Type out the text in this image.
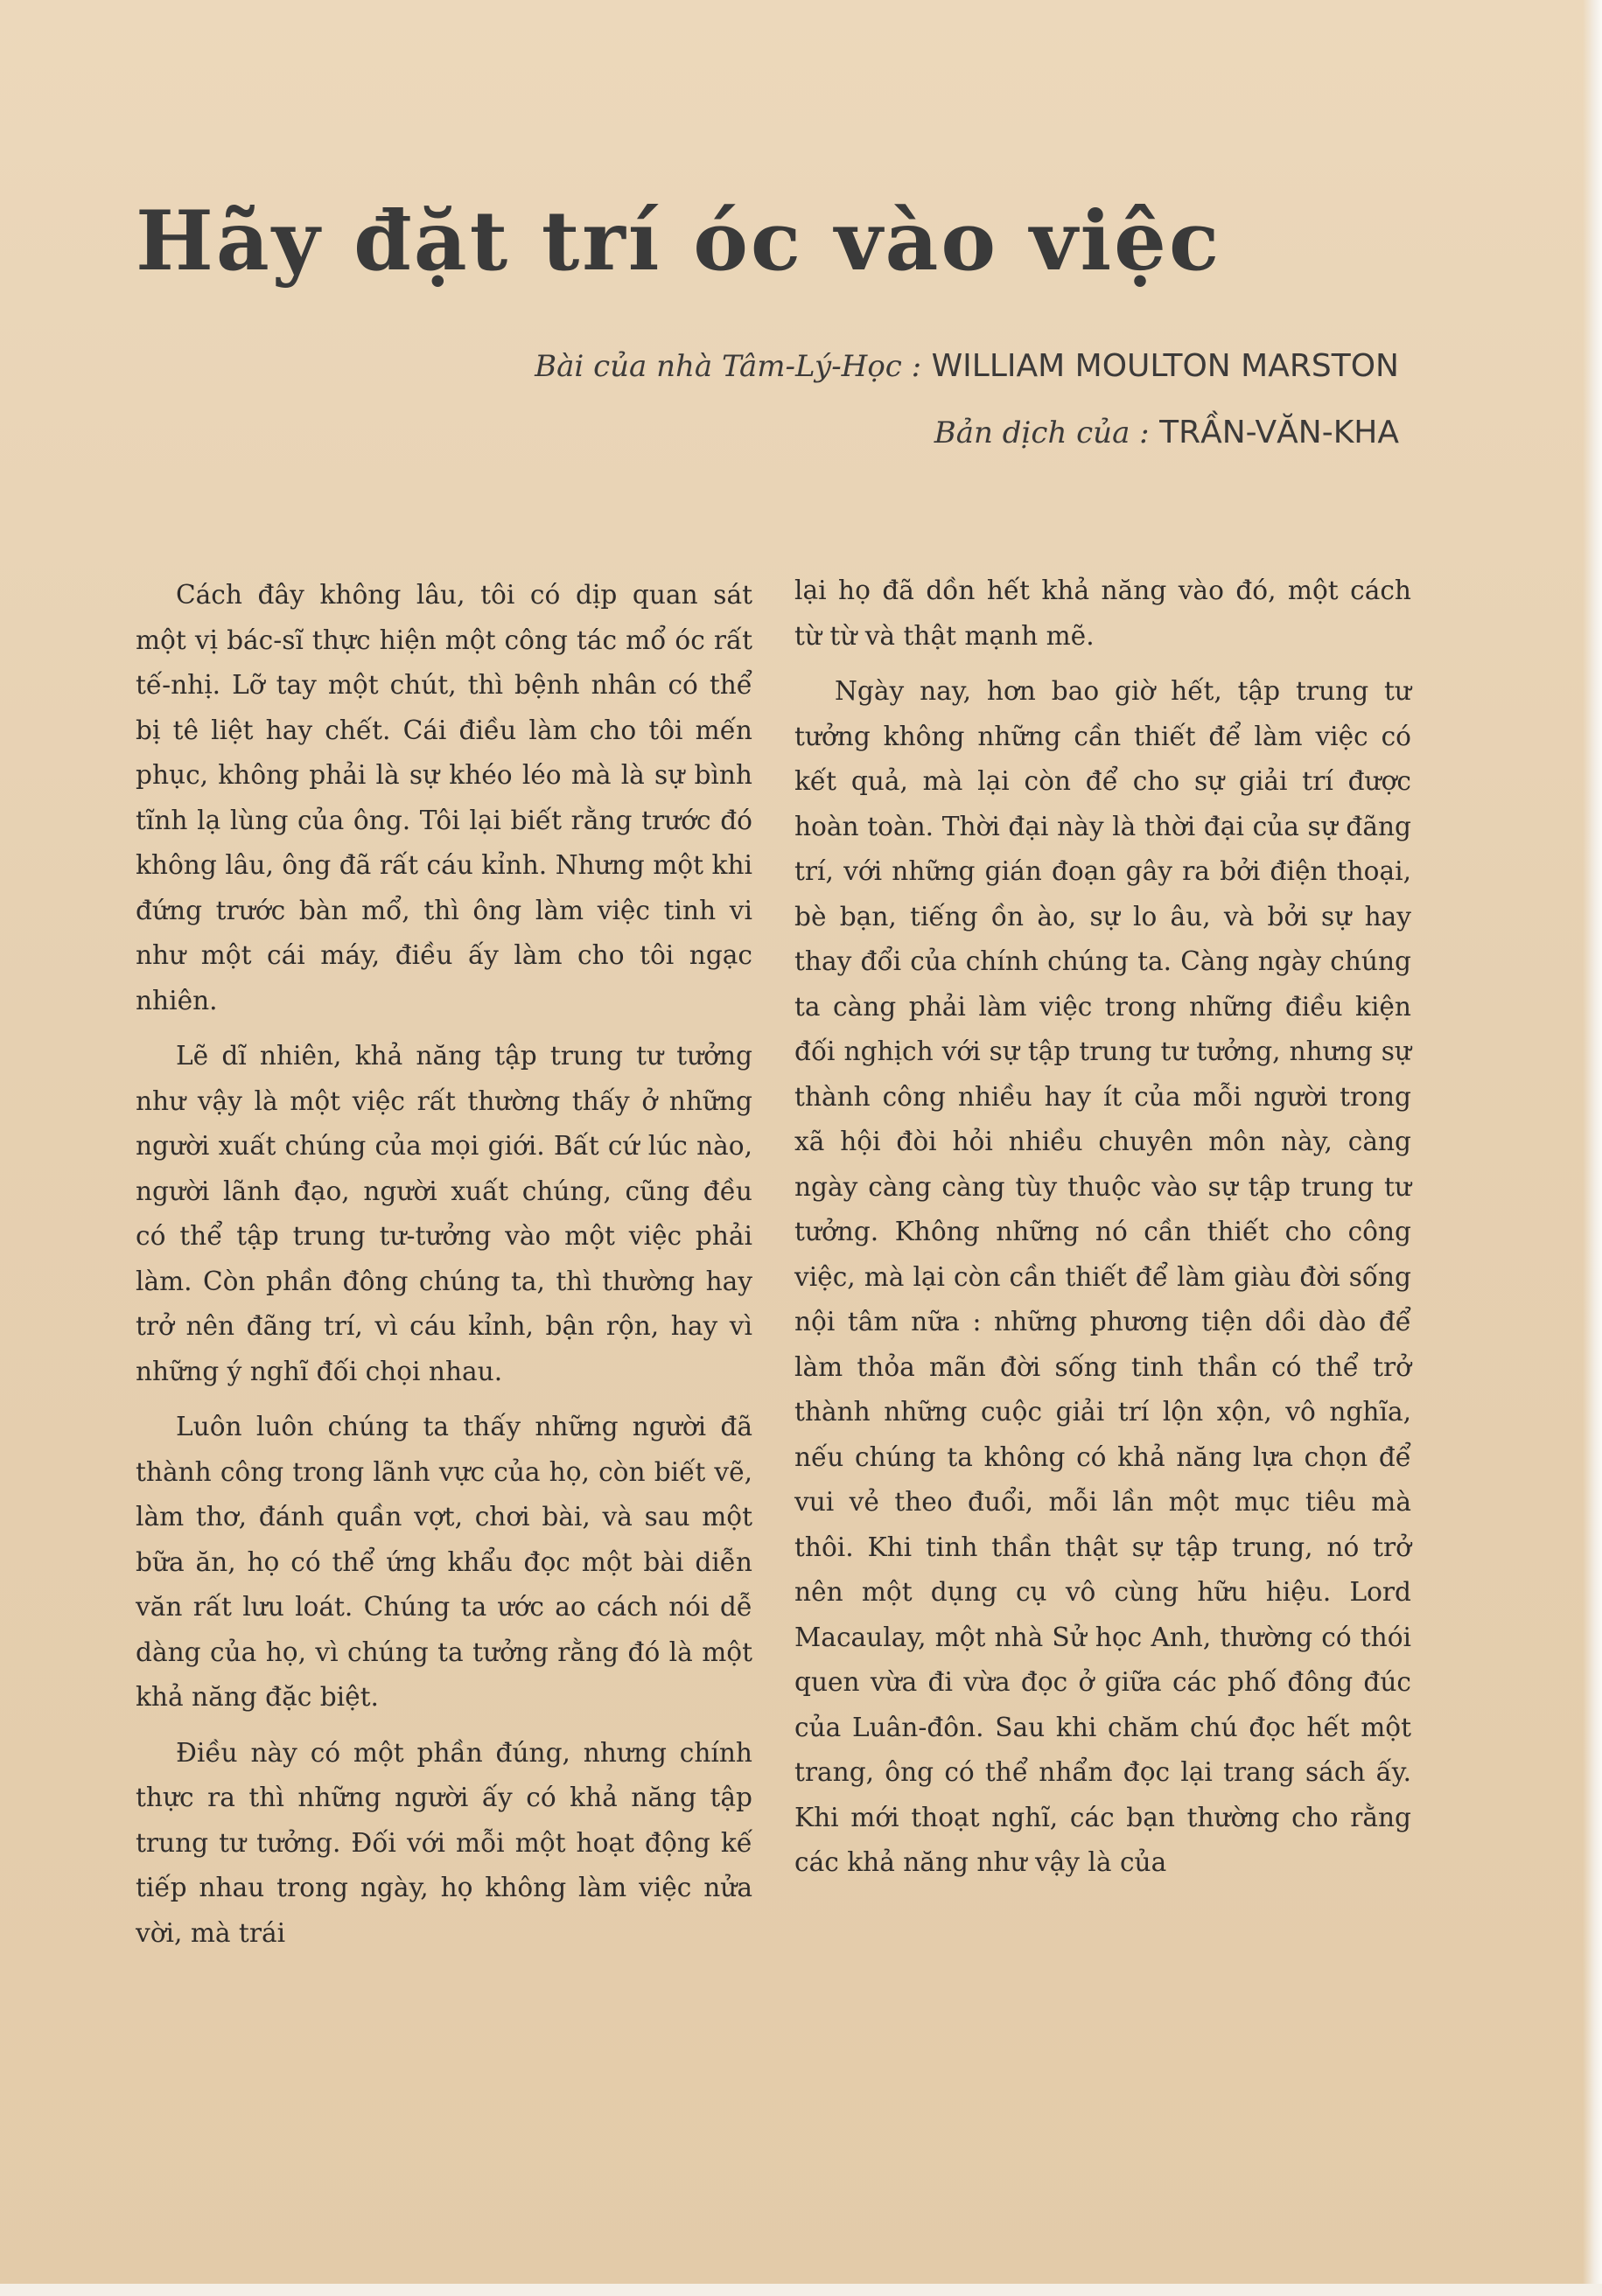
Hãy đặt trí óc vào việc
Bài của nhà Tâm-Lý-Học : WILLIAM MOULTON MARSTON
Bản dịch của : TRẦN-VĂN-KHA

Cách đây không lâu, tôi có dịp quan sát một vị bác-sĩ thực hiện một công tác mổ óc rất tế-nhị. Lỡ tay một chút, thì bệnh nhân có thể bị tê liệt hay chết. Cái điều làm cho tôi mến phục, không phải là sự khéo léo mà là sự bình tĩnh lạ lùng của ông. Tôi lại biết rằng trước đó không lâu, ông đã rất cáu kỉnh. Nhưng một khi đứng trước bàn mổ, thì ông làm việc tinh vi như một cái máy, điều ấy làm cho tôi ngạc nhiên.

Lẽ dĩ nhiên, khả năng tập trung tư tưởng như vậy là một việc rất thường thấy ở những người xuất chúng của mọi giới. Bất cứ lúc nào, người lãnh đạo, người xuất chúng, cũng đều có thể tập trung tư-tưởng vào một việc phải làm. Còn phần đông chúng ta, thì thường hay trở nên đãng trí, vì cáu kỉnh, bận rộn, hay vì những ý nghĩ đối chọi nhau.

Luôn luôn chúng ta thấy những người đã thành công trong lãnh vực của họ, còn biết vẽ, làm thơ, đánh quần vợt, chơi bài, và sau một bữa ăn, họ có thể ứng khẩu đọc một bài diễn văn rất lưu loát. Chúng ta ước ao cách nói dễ dàng của họ, vì chúng ta tưởng rằng đó là một khả năng đặc biệt.

Điều này có một phần đúng, nhưng chính thực ra thì những người ấy có khả năng tập trung tư tưởng. Đối với mỗi một hoạt động kế tiếp nhau trong ngày, họ không làm việc nửa vời, mà trái

lại họ đã dồn hết khả năng vào đó, một cách từ từ và thật mạnh mẽ.

Ngày nay, hơn bao giờ hết, tập trung tư tưởng không những cần thiết để làm việc có kết quả, mà lại còn để cho sự giải trí được hoàn toàn. Thời đại này là thời đại của sự đãng trí, với những gián đoạn gây ra bởi điện thoại, bè bạn, tiếng ồn ào, sự lo âu, và bởi sự hay thay đổi của chính chúng ta. Càng ngày chúng ta càng phải làm việc trong những điều kiện đối nghịch với sự tập trung tư tưởng, nhưng sự thành công nhiều hay ít của mỗi người trong xã hội đòi hỏi nhiều chuyên môn này, càng ngày càng càng tùy thuộc vào sự tập trung tư tưởng. Không những nó cần thiết cho công việc, mà lại còn cần thiết để làm giàu đời sống nội tâm nữa : những phương tiện dồi dào để làm thỏa mãn đời sống tinh thần có thể trở thành những cuộc giải trí lộn xộn, vô nghĩa, nếu chúng ta không có khả năng lựa chọn để vui vẻ theo đuổi, mỗi lần một mục tiêu mà thôi. Khi tinh thần thật sự tập trung, nó trở nên một dụng cụ vô cùng hữu hiệu. Lord Macaulay, một nhà Sử học Anh, thường có thói quen vừa đi vừa đọc ở giữa các phố đông đúc của Luân-đôn. Sau khi chăm chú đọc hết một trang, ông có thể nhẩm đọc lại trang sách ấy. Khi mới thoạt nghĩ, các bạn thường cho rằng các khả năng như vậy là của
